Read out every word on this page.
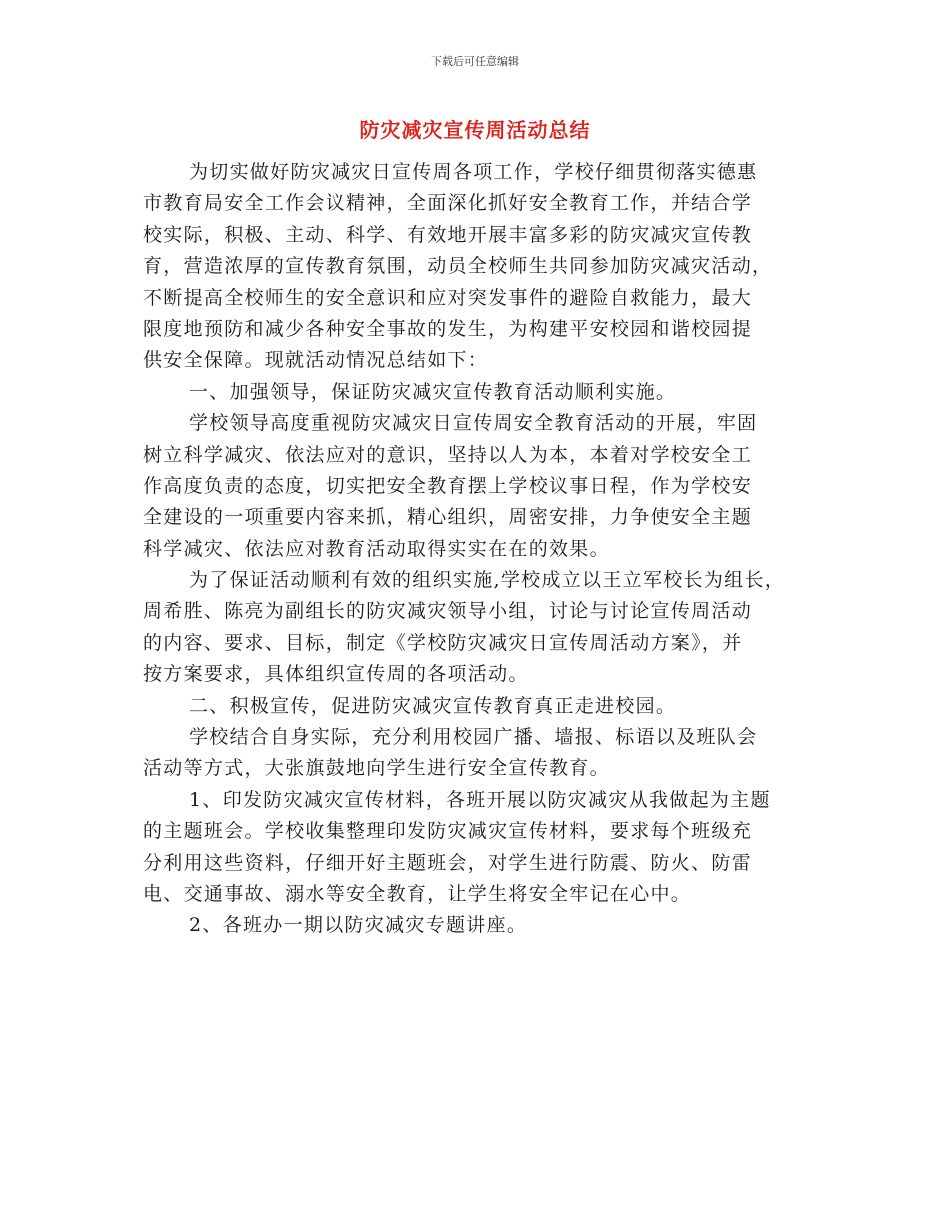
下载后可任意编辑
防灾减灾宣传周活动总结
为切实做好防灾减灾日宣传周各项工作，学校仔细贯彻落实德惠
市教育局安全工作会议精神，全面深化抓好安全教育工作，并结合学
校实际，积极、主动、科学、有效地开展丰富多彩的防灾减灾宣传教
育，营造浓厚的宣传教育氛围，动员全校师生共同参加防灾减灾活动，
不断提高全校师生的安全意识和应对突发事件的避险自救能力，最大
限度地预防和减少各种安全事故的发生，为构建平安校园和谐校园提
供安全保障。现就活动情况总结如下：
一、加强领导，保证防灾减灾宣传教育活动顺利实施。
学校领导高度重视防灾减灾日宣传周安全教育活动的开展，牢固
树立科学减灾、依法应对的意识，坚持以人为本，本着对学校安全工
作高度负责的态度，切实把安全教育摆上学校议事日程，作为学校安
全建设的一项重要内容来抓，精心组织，周密安排，力争使安全主题
科学减灾、依法应对教育活动取得实实在在的效果。
为了保证活动顺利有效的组织实施,学校成立以王立军校长为组长，
周希胜、陈亮为副组长的防灾减灾领导小组，讨论与讨论宣传周活动
的内容、要求、目标，制定《学校防灾减灾日宣传周活动方案》，并
按方案要求，具体组织宣传周的各项活动。
二、积极宣传，促进防灾减灾宣传教育真正走进校园。
学校结合自身实际，充分利用校园广播、墙报、标语以及班队会
活动等方式，大张旗鼓地向学生进行安全宣传教育。
1、印发防灾减灾宣传材料，各班开展以防灾减灾从我做起为主题
的主题班会。学校收集整理印发防灾减灾宣传材料，要求每个班级充
分利用这些资料，仔细开好主题班会，对学生进行防震、防火、防雷
电、交通事故、溺水等安全教育，让学生将安全牢记在心中。
2、各班办一期以防灾减灾专题讲座。
